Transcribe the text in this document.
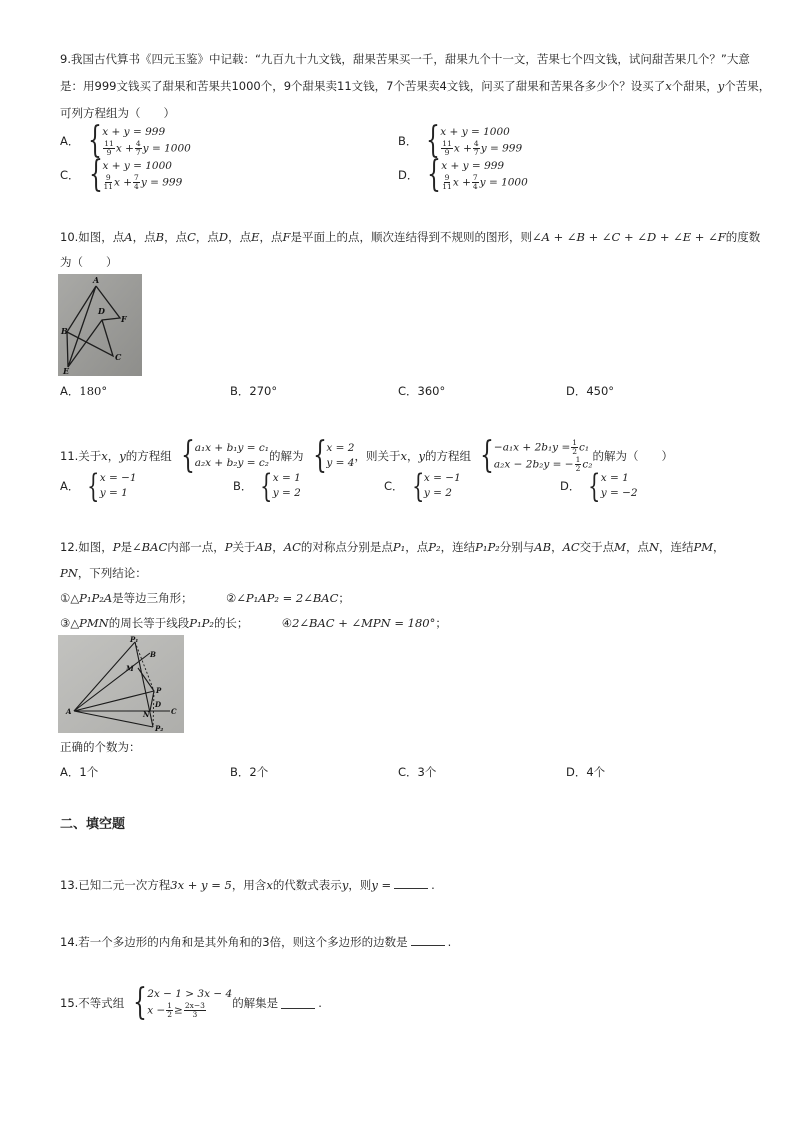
9.我国古代算书《四元玉鉴》中记载：“九百九十九文钱，甜果苦果买一千，甜果九个十一文，苦果七个四文钱，试问甜苦果几个？”大意
是：用999文钱买了甜果和苦果共1000个，9个甜果卖11文钱，7个苦果卖4文钱，问买了甜果和苦果各多少个？设买了x个甜果，y个苦果，
可列方程组为（　　）
A． { x + y = 999
$\frac{11}{9}$ $x + \frac{4}{7}$ y = 1000
B． { x + y = 1000
$\frac{11}{9}$ $x + \frac{4}{7}$ y = 999
C． { x + y = 1000
$\frac{9}{11}$ $x + \frac{7}{4}$ y = 999
D． { x + y = 999
$\frac{9}{11}$ $x + \frac{7}{4}$ y = 1000
10.如图，点A，点B，点C，点D，点E，点F是平面上的点，顺次连结得到不规则的图形，则∠A + ∠B + ∠C + ∠D + ∠E + ∠F的度数
为（　　）
A
B
C
D
E
F
A．180°	B．270°	C．360°	D．450°
11.关于 x ， y 的方程组 { a₁x + b₁y = c₁
a₂x + b₂y = c₂ 的解为 { x = 2
y = 4 ，则关于 x ， y 的方程组 { $-a_1x + 2b_1y = \frac{1}{2} c_1$
a₂x − 2b₂y = − $\frac{1}{2} c_2$
的解为（　　）
A． { x = −1
y = 1	B． { x = 1
y = 2	C． { x = −1
y = 2	D． { x = 1
y = −2
12.如图，P是∠BAC内部一点，P关于AB，AC的对称点分别是点P₁，点P₂，连结P₁P₂分别与AB，AC交于点M，点N，连结PM，
PN，下列结论：
①△P₁P₂A是等边三角形；	②∠P₁AP₂ = 2∠BAC；
③△PMN的周长等于线段P₁P₂的长；	④2∠BAC + ∠MPN = 180°；
P₁
B
M
P
A	N
D
C
P₂
正确的个数为：
A．1个	B．2个	C．3个	D．4个
二、填空题
13.已知二元一次方程3x + y = 5，用含x的代数式表示y，则y =	.
14.若一个多边形的内角和是其外角和的3倍，则这个多边形的边数是	.
15.不等式组 { 2x − 1 > 3x − 4
$x - \frac{1}{2} \ge \frac{2x-3}{3}$ 的解集是	.
